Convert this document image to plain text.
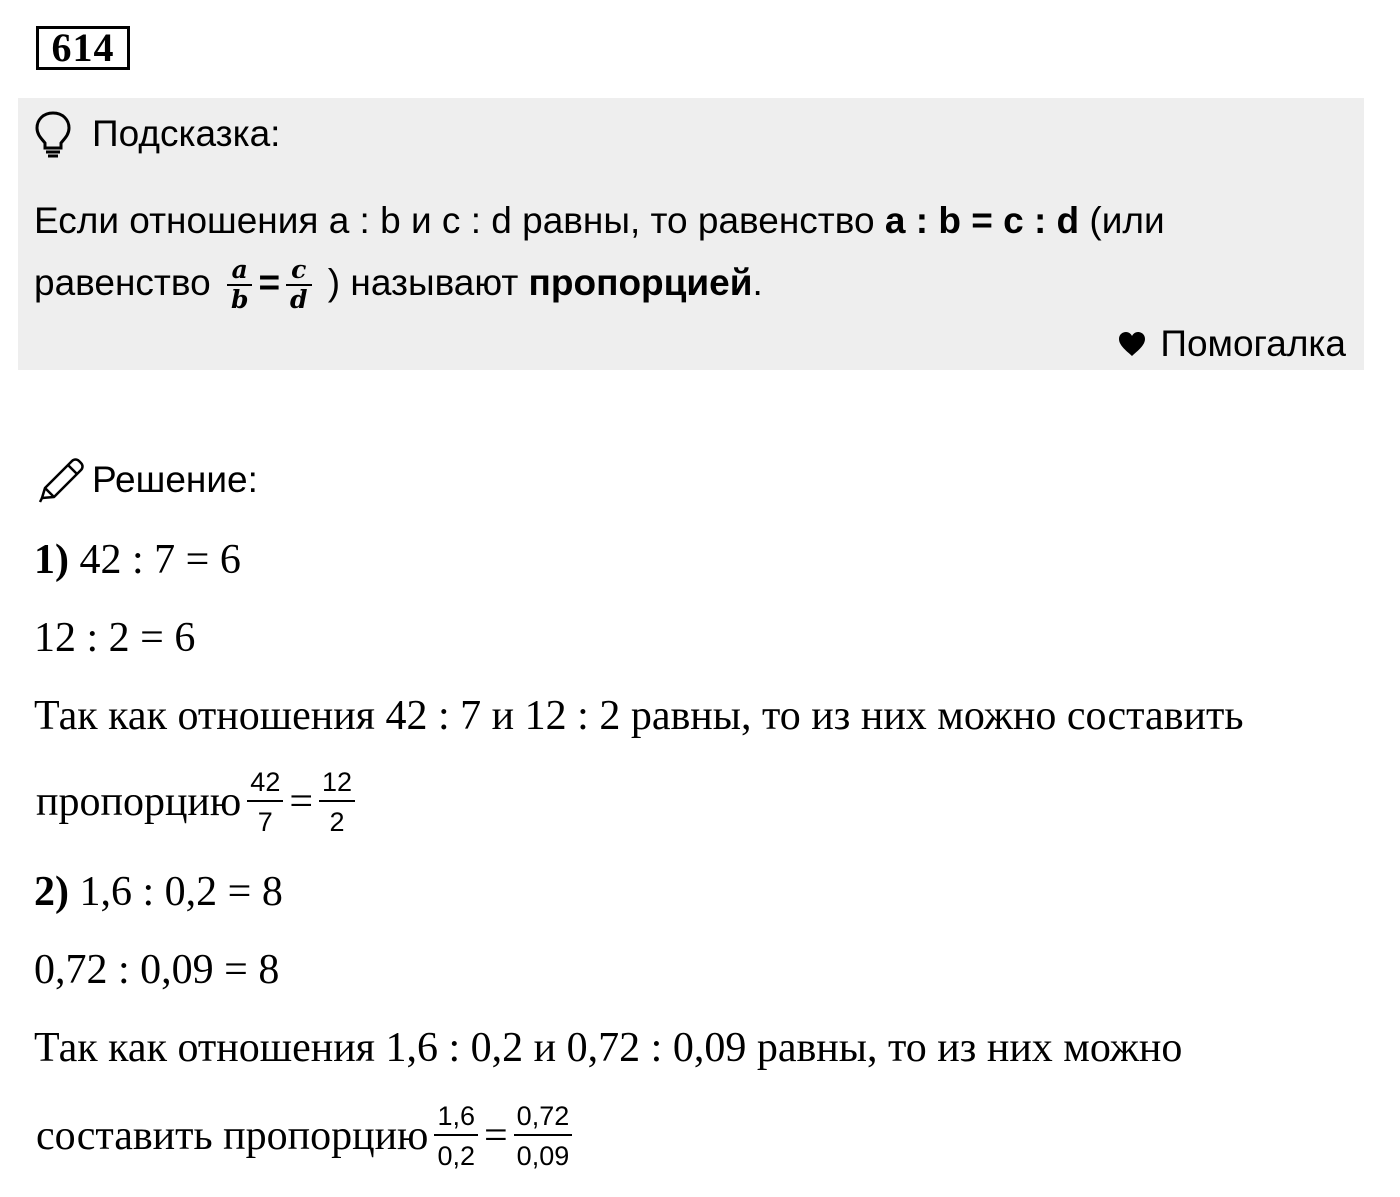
614
Подсказка:
Если отношения a : b и c : d равны, то равенство a : b = c : d (или
равенство $\frac{a}{b} = \frac{c}{d}$ ) называют пропорцией.
Помогалка
Решение:
1) 42 : 7 = 6
12 : 2 = 6
Так как отношения 42 : 7 и 12 : 2 равны, то из них можно составить
пропорцию $\frac{42}{7} = \frac{12}{2}$
2) 1,6 : 0,2 = 8
0,72 : 0,09 = 8
Так как отношения 1,6 : 0,2 и 0,72 : 0,09 равны, то из них можно
составить пропорцию $\frac{1,6}{0,2} = \frac{0,72}{0,09}$
